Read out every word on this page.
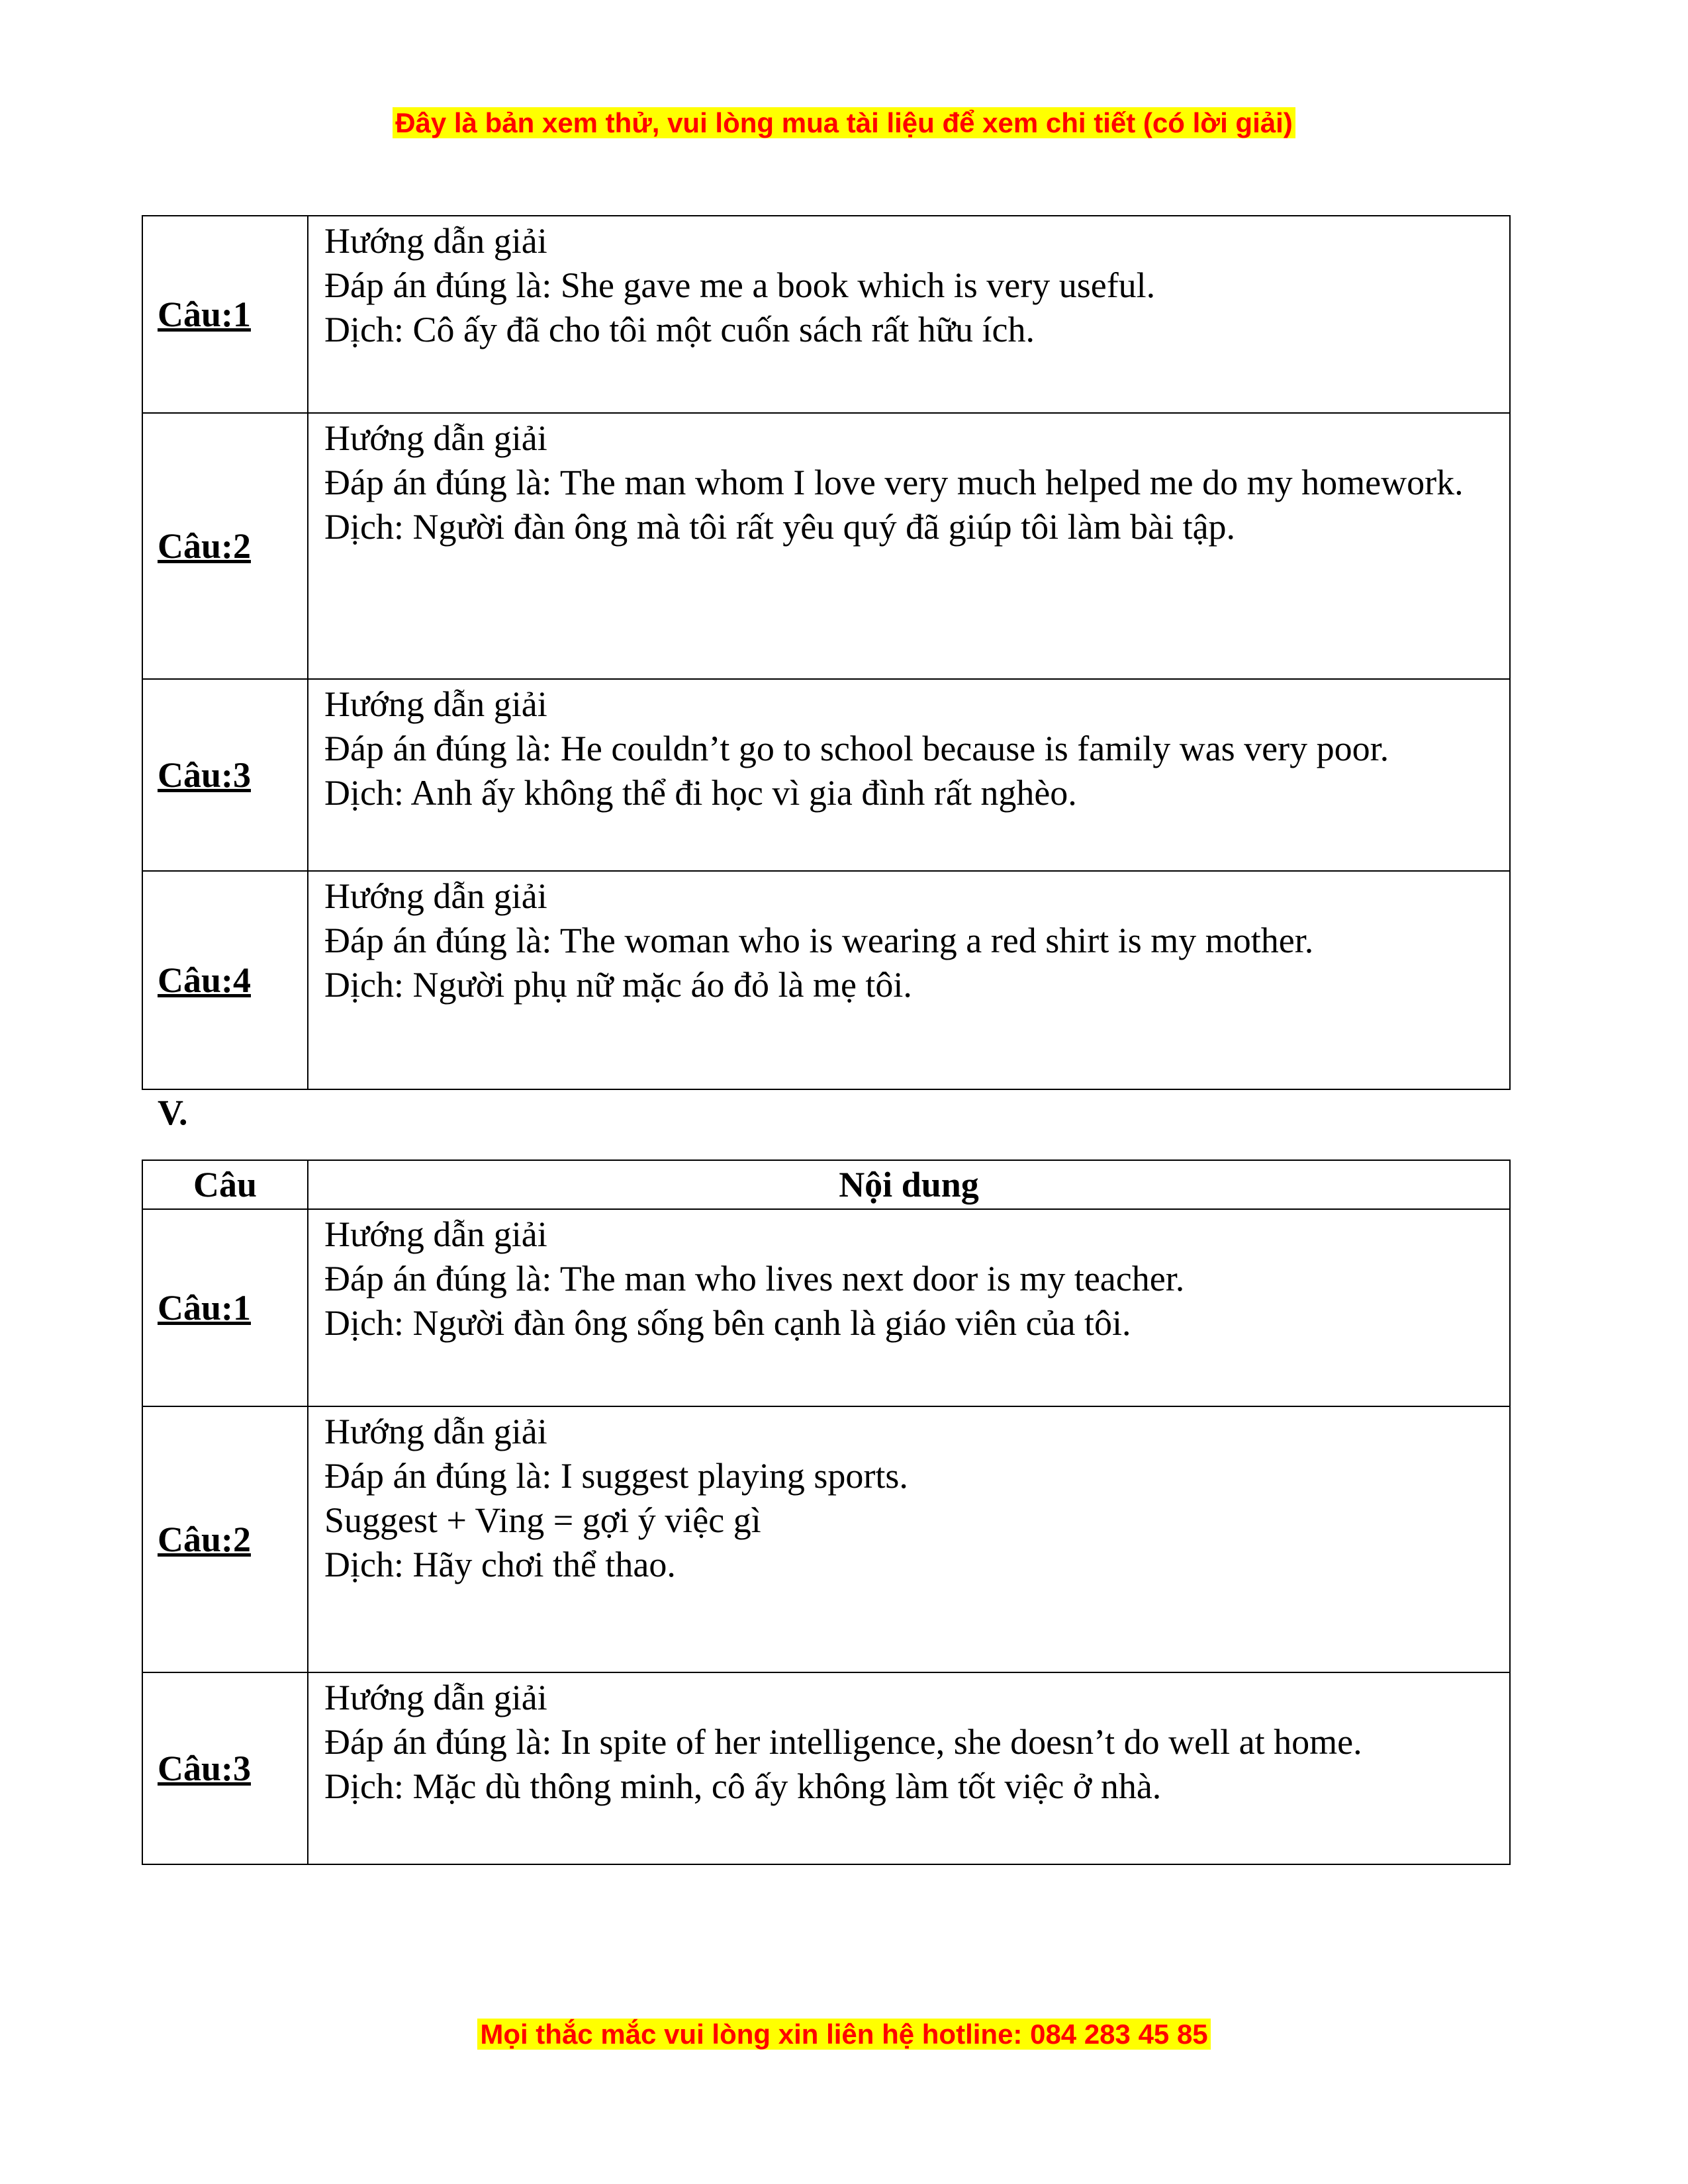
Đây là bản xem thử, vui lòng mua tài liệu để xem chi tiết (có lời giải)
Câu:1	Hướng dẫn giải
Đáp án đúng là: She gave me a book which is very useful.
Dịch: Cô ấy đã cho tôi một cuốn sách rất hữu ích.

Câu:2	Hướng dẫn giải
Đáp án đúng là: The man whom I love very much helped me do my homework.
Dịch: Người đàn ông mà tôi rất yêu quý đã giúp tôi làm bài tập.

Câu:3	Hướng dẫn giải
Đáp án đúng là: He couldn’t go to school because is family was very poor.
Dịch: Anh ấy không thể đi học vì gia đình rất nghèo.

Câu:4	Hướng dẫn giải
Đáp án đúng là: The woman who is wearing a red shirt is my mother.
Dịch: Người phụ nữ mặc áo đỏ là mẹ tôi.
V.
Câu	Nội dung
Câu:1	Hướng dẫn giải
Đáp án đúng là: The man who lives next door is my teacher.
Dịch: Người đàn ông sống bên cạnh là giáo viên của tôi.

Câu:2	Hướng dẫn giải
Đáp án đúng là: I suggest playing sports.
Suggest + Ving = gợi ý việc gì
Dịch: Hãy chơi thể thao.

Câu:3	Hướng dẫn giải
Đáp án đúng là: In spite of her intelligence, she doesn’t do well at home.
Dịch: Mặc dù thông minh, cô ấy không làm tốt việc ở nhà.
Mọi thắc mắc vui lòng xin liên hệ hotline: 084 283 45 85
